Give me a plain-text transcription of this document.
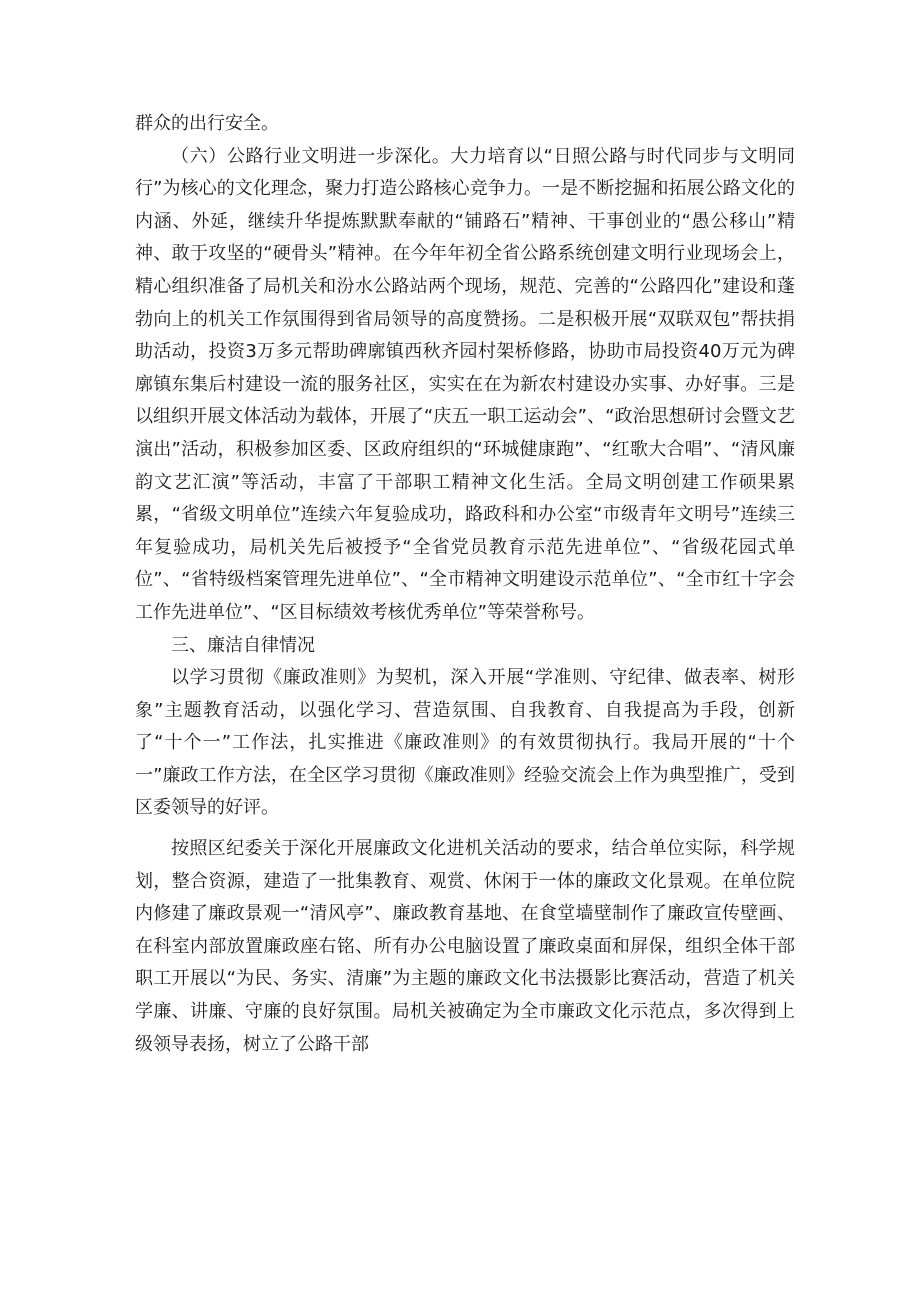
群众的出行安全。

（六）公路行业文明进一步深化。大力培育以“日照公路与时代同步与文明同行”为核心的文化理念，聚力打造公路核心竞争力。一是不断挖掘和拓展公路文化的内涵、外延，继续升华提炼默默奉献的“铺路石”精神、干事创业的“愚公移山”精神、敢于攻坚的“硬骨头”精神。在今年年初全省公路系统创建文明行业现场会上，精心组织准备了局机关和汾水公路站两个现场，规范、完善的“公路四化”建设和蓬勃向上的机关工作氛围得到省局领导的高度赞扬。二是积极开展“双联双包”帮扶捐助活动，投资3万多元帮助碑廓镇西秋齐园村架桥修路，协助市局投资40万元为碑廓镇东集后村建设一流的服务社区，实实在在为新农村建设办实事、办好事。三是以组织开展文体活动为载体，开展了“庆五一职工运动会”、“政治思想研讨会暨文艺演出”活动，积极参加区委、区政府组织的“环城健康跑”、“红歌大合唱”、“清风廉韵文艺汇演”等活动，丰富了干部职工精神文化生活。全局文明创建工作硕果累累，“省级文明单位”连续六年复验成功，路政科和办公室“市级青年文明号”连续三年复验成功，局机关先后被授予“全省党员教育示范先进单位”、“省级花园式单位”、“省特级档案管理先进单位”、“全市精神文明建设示范单位”、“全市红十字会工作先进单位”、“区目标绩效考核优秀单位”等荣誉称号。

三、廉洁自律情况

以学习贯彻《廉政准则》为契机，深入开展“学准则、守纪律、做表率、树形象”主题教育活动，以强化学习、营造氛围、自我教育、自我提高为手段，创新了“十个一”工作法，扎实推进《廉政准则》的有效贯彻执行。我局开展的“十个一”廉政工作方法，在全区学习贯彻《廉政准则》经验交流会上作为典型推广，受到区委领导的好评。

按照区纪委关于深化开展廉政文化进机关活动的要求，结合单位实际，科学规划，整合资源，建造了一批集教育、观赏、休闲于一体的廉政文化景观。在单位院内修建了廉政景观一“清风亭”、廉政教育基地、在食堂墙壁制作了廉政宣传壁画、在科室内部放置廉政座右铭、所有办公电脑设置了廉政桌面和屏保，组织全体干部职工开展以“为民、务实、清廉”为主题的廉政文化书法摄影比赛活动，营造了机关学廉、讲廉、守廉的良好氛围。局机关被确定为全市廉政文化示范点，多次得到上级领导表扬，树立了公路干部
